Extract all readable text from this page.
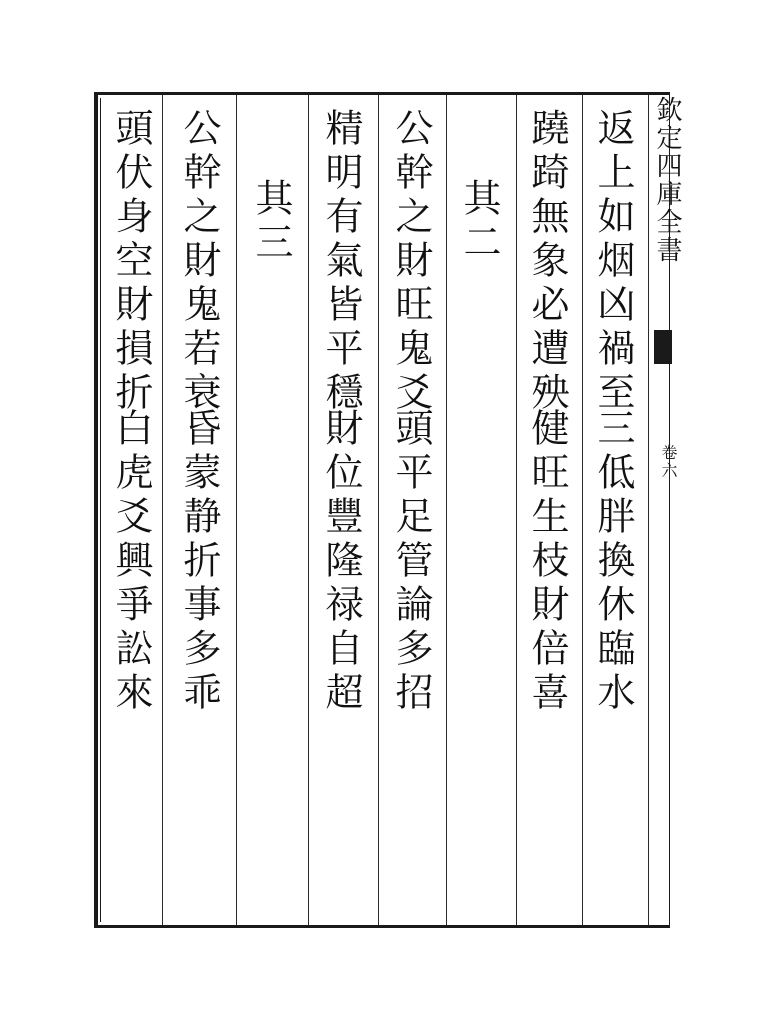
欽定四庫全書
卷六
返上如烟凶禍至
三低胖換休臨水
蹺踦無象必遭殃
健旺生枝財倍喜
其二
公幹之財旺鬼爻
頭平足管論多招
精明有氣皆平穩
財位豐隆禄自超
其三
公幹之財鬼若衰
昏蒙静折事多乖
頭伏身空財損折
白虎爻興爭訟來
